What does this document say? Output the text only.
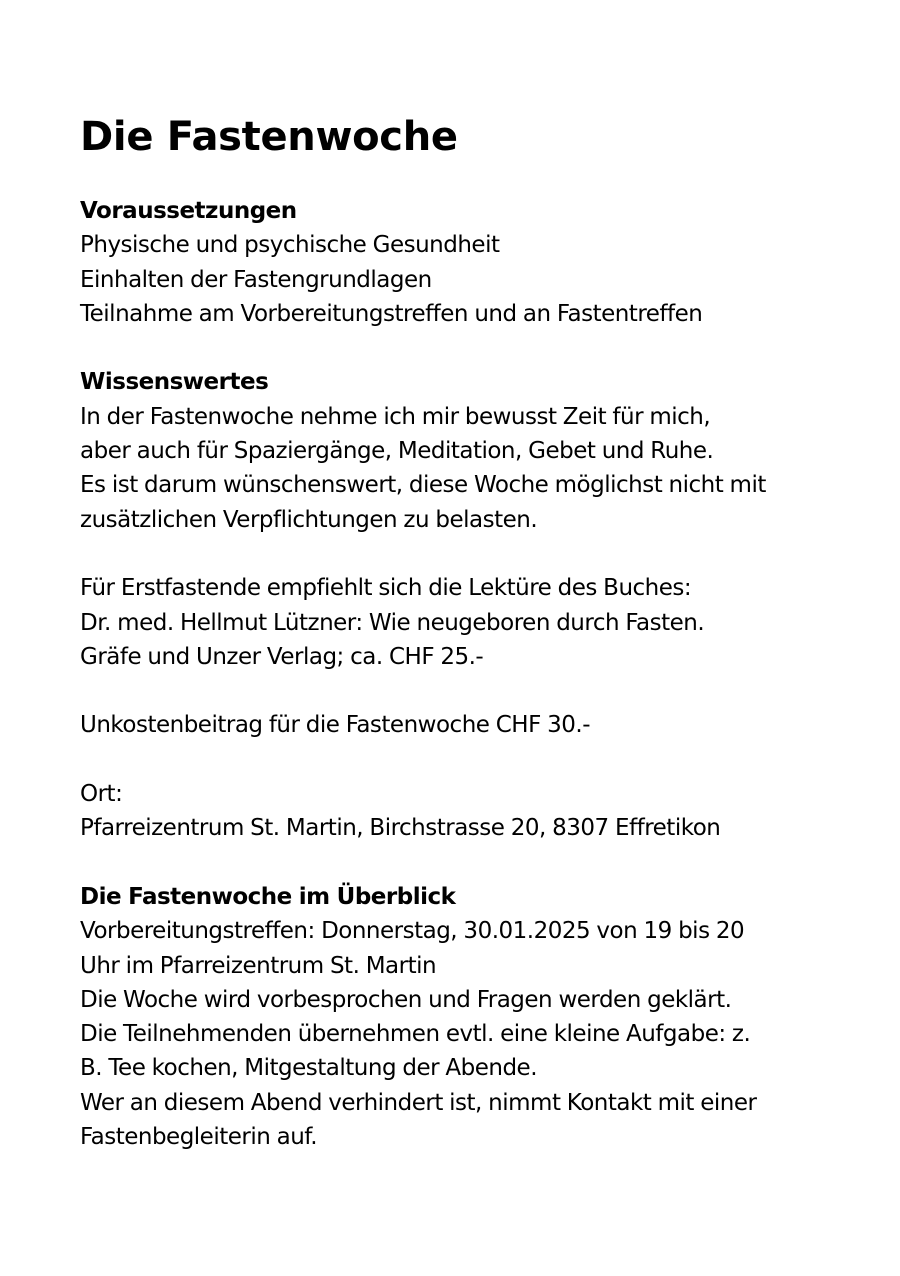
Die Fastenwoche
Voraussetzungen
Physische und psychische Gesundheit
Einhalten der Fastengrundlagen
Teilnahme am Vorbereitungstreffen und an Fastentreffen
Wissenswertes
In der Fastenwoche nehme ich mir bewusst Zeit für mich,
aber auch für Spaziergänge, Meditation, Gebet und Ruhe.
Es ist darum wünschenswert, diese Woche möglichst nicht mit
zusätzlichen Verpflichtungen zu belasten.
Für Erstfastende empfiehlt sich die Lektüre des Buches:
Dr. med. Hellmut Lützner: Wie neugeboren durch Fasten.
Gräfe und Unzer Verlag; ca. CHF 25.-
Unkostenbeitrag für die Fastenwoche CHF 30.-
Ort:
Pfarreizentrum St. Martin, Birchstrasse 20, 8307 Effretikon
Die Fastenwoche im Überblick
Vorbereitungstreffen: Donnerstag, 30.01.2025 von 19 bis 20
Uhr im Pfarreizentrum St. Martin
Die Woche wird vorbesprochen und Fragen werden geklärt.
Die Teilnehmenden übernehmen evtl. eine kleine Aufgabe: z.
B. Tee kochen, Mitgestaltung der Abende.
Wer an diesem Abend verhindert ist, nimmt Kontakt mit einer
Fastenbegleiterin auf.
